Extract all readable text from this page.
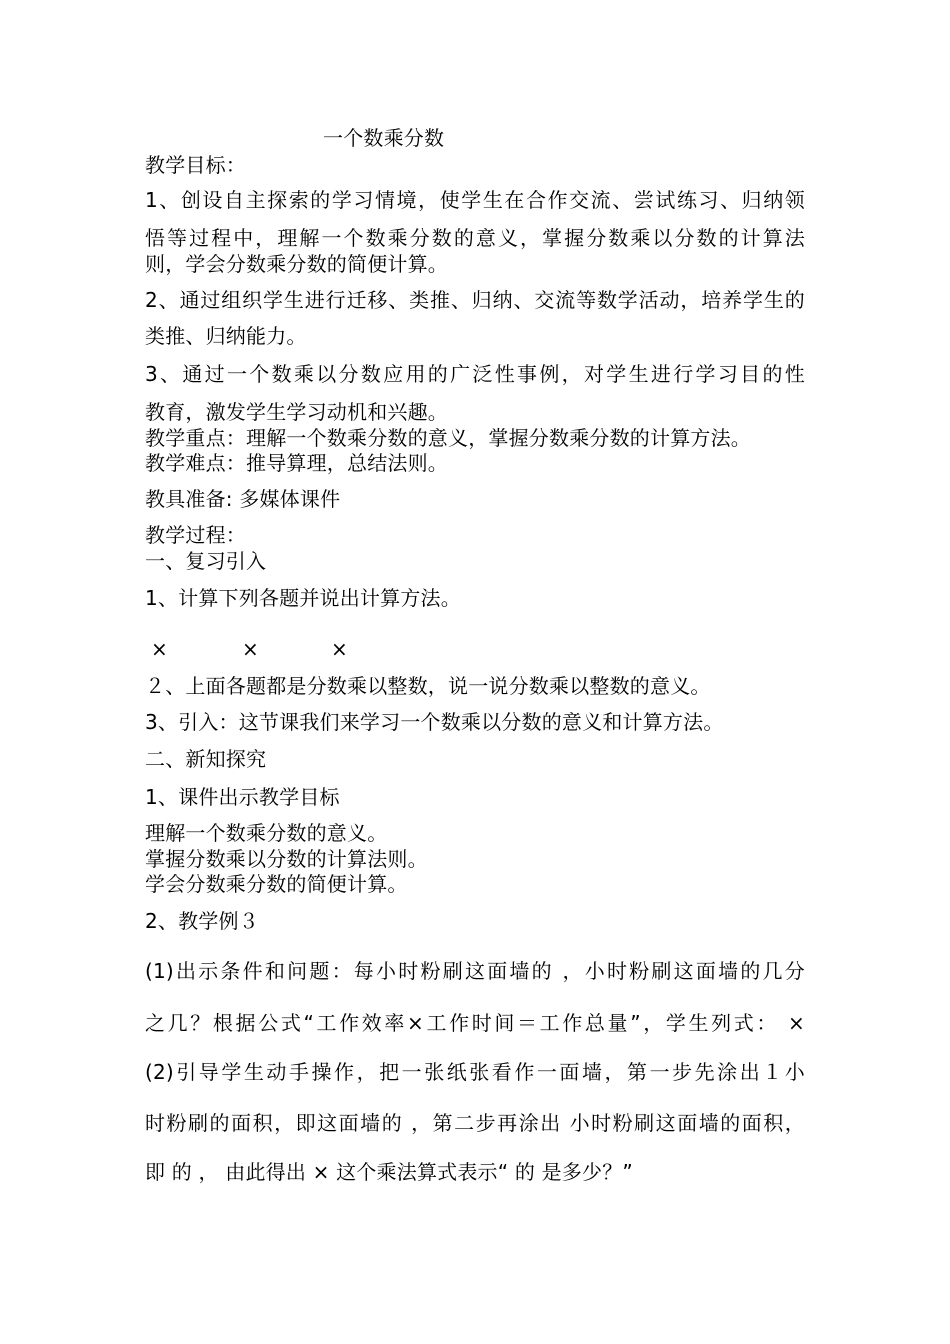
一个数乘分数
教学目标：
1、创设自主探索的学习情境，使学生在合作交流、尝试练习、归纳领
悟等过程中，理解一个数乘分数的意义，掌握分数乘以分数的计算法
则，学会分数乘分数的简便计算。
2、通过组织学生进行迁移、类推、归纳、交流等数学活动，培养学生的
类推、归纳能力。
3、通过一个数乘以分数应用的广泛性事例，对学生进行学习目的性
教育，激发学生学习动机和兴趣。
教学重点：理解一个数乘分数的意义，掌握分数乘分数的计算方法。
教学难点：推导算理，总结法则。
教具准备: 多媒体课件
教学过程：
一、复习引入
1、计算下列各题并说出计算方法。
×	×	×
２、上面各题都是分数乘以整数，说一说分数乘以整数的意义。
3、引入：这节课我们来学习一个数乘以分数的意义和计算方法。
二、新知探究
1、课件出示教学目标
理解一个数乘分数的意义。
掌握分数乘以分数的计算法则。
学会分数乘分数的简便计算。
2、教学例３
(1)出示条件和问题：每小时粉刷这面墙的 ，小时粉刷这面墙的几分
之几？根据公式“工作效率×工作时间＝工作总量”，学生列式： ×
(2)引导学生动手操作，把一张纸张看作一面墙，第一步先涂出１小
时粉刷的面积，即这面墙的 ，第二步再涂出 小时粉刷这面墙的面积，
即 的 ， 由此得出 × 这个乘法算式表示“ 的 是多少？”
